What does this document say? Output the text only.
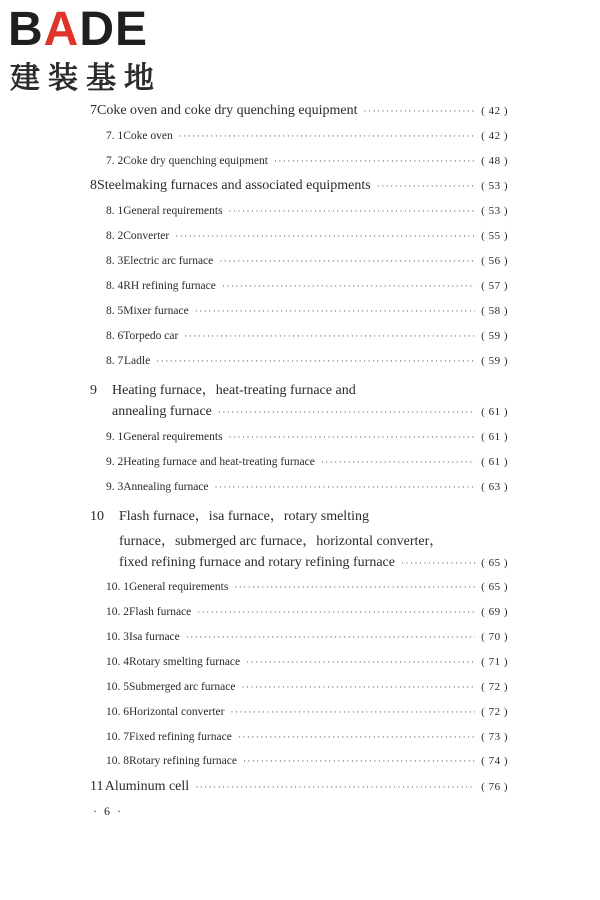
BADE
建装基地
7 Coke oven and coke dry quenching equipment ·····	( 42 )
7. 1 Coke oven ·····	( 42 )
7. 2 Coke dry quenching equipment ·····	( 48 )
8 Steelmaking furnaces and associated equipments ·····	( 53 )
8. 1 General requirements ·····	( 53 )
8. 2 Converter ·····	( 55 )
8. 3 Electric arc furnace ·····	( 56 )
8. 4 RH refining furnace ·····	( 57 )
8. 5 Mixer furnace ·····	( 58 )
8. 6 Torpedo car ·····	( 59 )
8. 7 Ladle ·····	( 59 )
9	Heating furnace，heat-treating furnace and
annealing furnace ·····	( 61 )
9. 1 General requirements ·····	( 61 )
9. 2 Heating furnace and heat-treating furnace ·····	( 61 )
9. 3 Annealing furnace ·····	( 63 )
10	Flash furnace，isa furnace，rotary smelting
furnace，submerged arc furnace，horizontal converter，
fixed refining furnace and rotary refining furnace ·····	( 65 )
10. 1 General requirements ·····	( 65 )
10. 2 Flash furnace ·····	( 69 )
10. 3 Isa furnace ·····	( 70 )
10. 4 Rotary smelting furnace ·····	( 71 )
10. 5 Submerged arc furnace ·····	( 72 )
10. 6 Horizontal converter ·····	( 72 )
10. 7 Fixed refining furnace ·····	( 73 )
10. 8 Rotary refining furnace ·····	( 74 )
11 Aluminum cell ·····	( 76 )
· 6 ·
